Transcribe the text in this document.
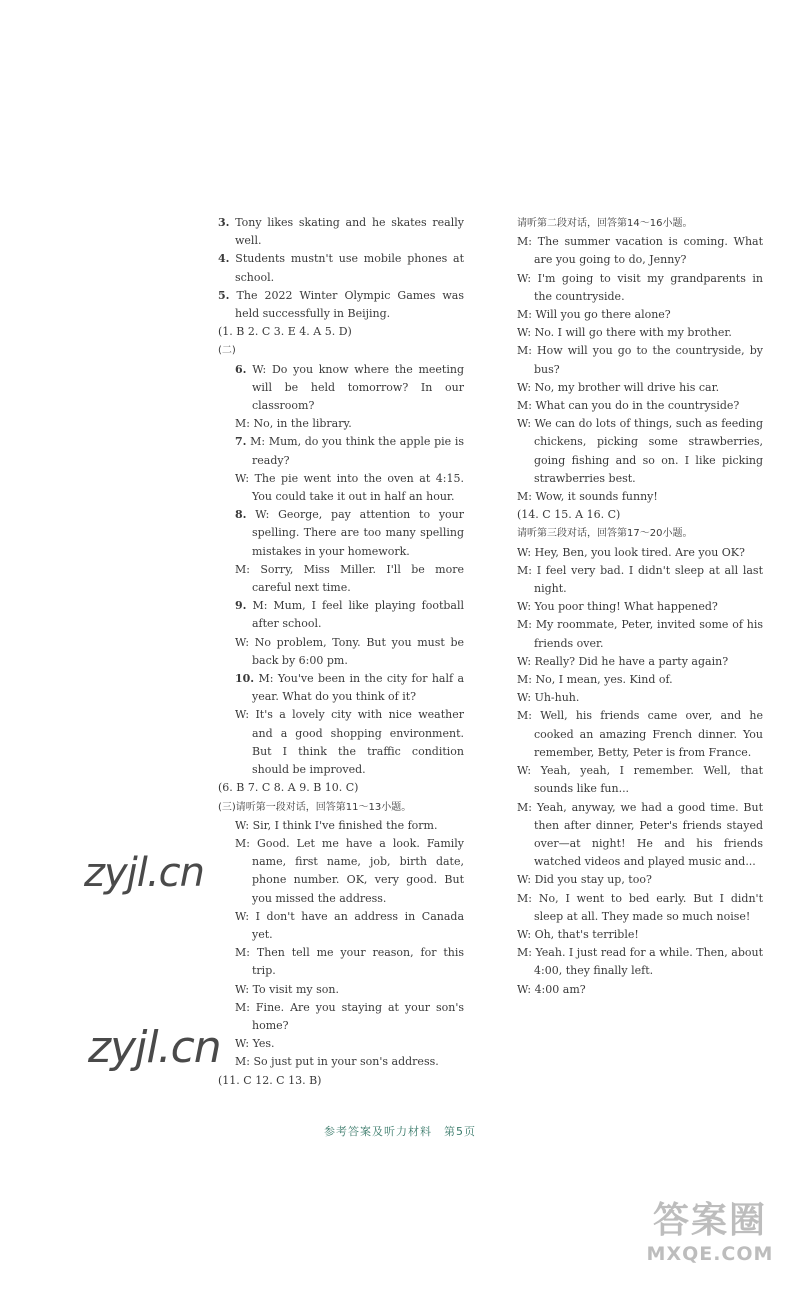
3. Tony likes skating and he skates really well.

4. Students mustn't use mobile phones at school.

5. The 2022 Winter Olympic Games was held successfully in Beijing.

(1. B 2. C 3. E 4. A 5. D)

(二)

6. W: Do you know where the meeting will be held tomorrow? In our classroom?

M: No, in the library.

7. M: Mum, do you think the apple pie is ready?

W: The pie went into the oven at 4:15. You could take it out in half an hour.

8. W: George, pay attention to your spelling. There are too many spelling mistakes in your homework.

M: Sorry, Miss Miller. I'll be more careful next time.

9. M: Mum, I feel like playing football after school.

W: No problem, Tony. But you must be back by 6:00 pm.

10. M: You've been in the city for half a year. What do you think of it?

W: It's a lovely city with nice weather and a good shopping environment. But I think the traffic condition should be improved.

(6. B 7. C 8. A 9. B 10. C)

(三)请听第一段对话，回答第11～13小题。

W: Sir, I think I've finished the form.

M: Good. Let me have a look. Family name, first name, job, birth date, phone number. OK, very good. But you missed the address.

W: I don't have an address in Canada yet.

M: Then tell me your reason, for this trip.

W: To visit my son.

M: Fine. Are you staying at your son's home?

W: Yes.

M: So just put in your son's address.

(11. C 12. C 13. B)

请听第二段对话，回答第14～16小题。

M: The summer vacation is coming. What are you going to do, Jenny?

W: I'm going to visit my grandparents in the countryside.

M: Will you go there alone?

W: No. I will go there with my brother.

M: How will you go to the countryside, by bus?

W: No, my brother will drive his car.

M: What can you do in the countryside?

W: We can do lots of things, such as feeding chickens, picking some strawberries, going fishing and so on. I like picking strawberries best.

M: Wow, it sounds funny!

(14. C 15. A 16. C)

请听第三段对话，回答第17～20小题。

W: Hey, Ben, you look tired. Are you OK?

M: I feel very bad. I didn't sleep at all last night.

W: You poor thing! What happened?

M: My roommate, Peter, invited some of his friends over.

W: Really? Did he have a party again?

M: No, I mean, yes. Kind of.

W: Uh-huh.

M: Well, his friends came over, and he cooked an amazing French dinner. You remember, Betty, Peter is from France.

W: Yeah, yeah, I remember. Well, that sounds like fun...

M: Yeah, anyway, we had a good time. But then after dinner, Peter's friends stayed over—at night! He and his friends watched videos and played music and...

W: Did you stay up, too?

M: No, I went to bed early. But I didn't sleep at all. They made so much noise!

W: Oh, that's terrible!

M: Yeah. I just read for a while. Then, about 4:00, they finally left.

W: 4:00 am?

参考答案及听力材料　第5页
zyjl.cn
zyjl.cn
答案圈
MXQE.COM
